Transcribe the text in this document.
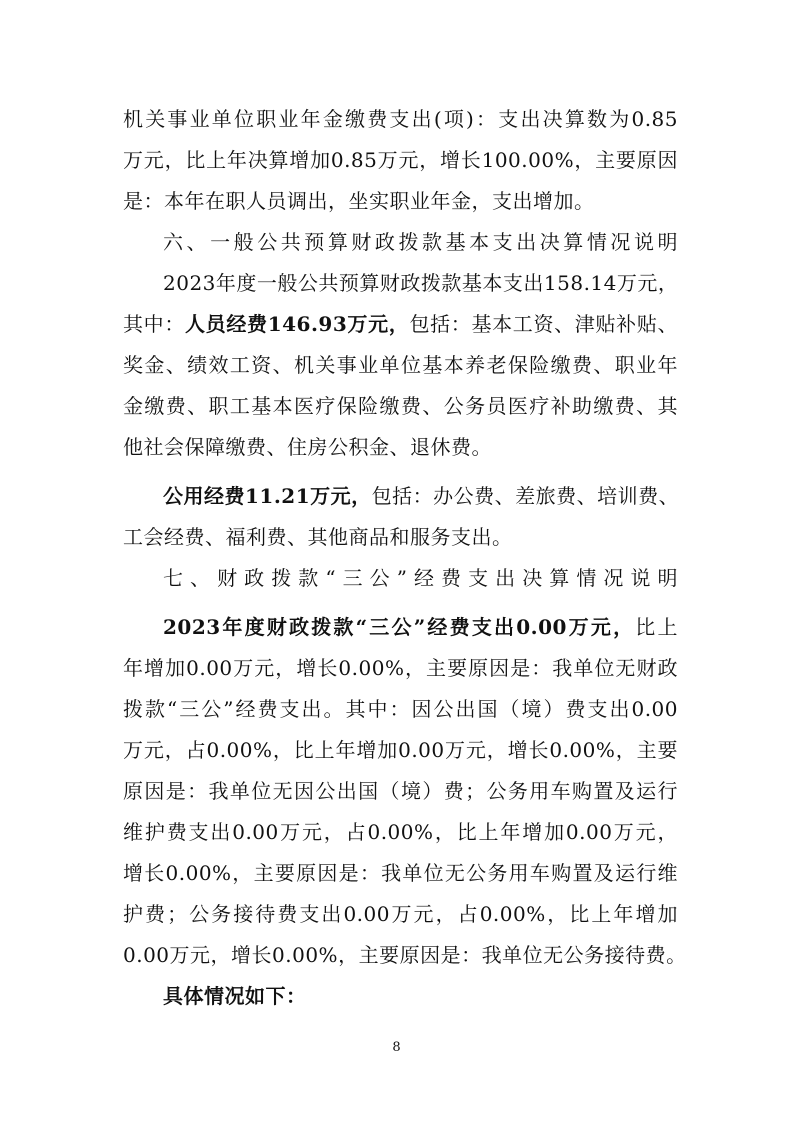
机关事业单位职业年金缴费支出(项)：支出决算数为0.85
万元，比上年决算增加0.85万元，增长100.00%，主要原因
是：本年在职人员调出，坐实职业年金，支出增加。
六、一般公共预算财政拨款基本支出决算情况说明
2023年度一般公共预算财政拨款基本支出158.14万元，
其中：人员经费146.93万元，包括：基本工资、津贴补贴、
奖金、绩效工资、机关事业单位基本养老保险缴费、职业年
金缴费、职工基本医疗保险缴费、公务员医疗补助缴费、其
他社会保障缴费、住房公积金、退休费。
公用经费11.21万元，包括：办公费、差旅费、培训费、
工会经费、福利费、其他商品和服务支出。
七、财政拨款“三公”经费支出决算情况说明
2023年度财政拨款“三公”经费支出0.00万元，比上
年增加0.00万元，增长0.00%，主要原因是：我单位无财政
拨款“三公”经费支出。其中：因公出国（境）费支出0.00
万元，占0.00%，比上年增加0.00万元，增长0.00%，主要
原因是：我单位无因公出国（境）费；公务用车购置及运行
维护费支出0.00万元，占0.00%，比上年增加0.00万元，
增长0.00%，主要原因是：我单位无公务用车购置及运行维
护费；公务接待费支出0.00万元，占0.00%，比上年增加
0.00万元，增长0.00%，主要原因是：我单位无公务接待费。
具体情况如下：
8
